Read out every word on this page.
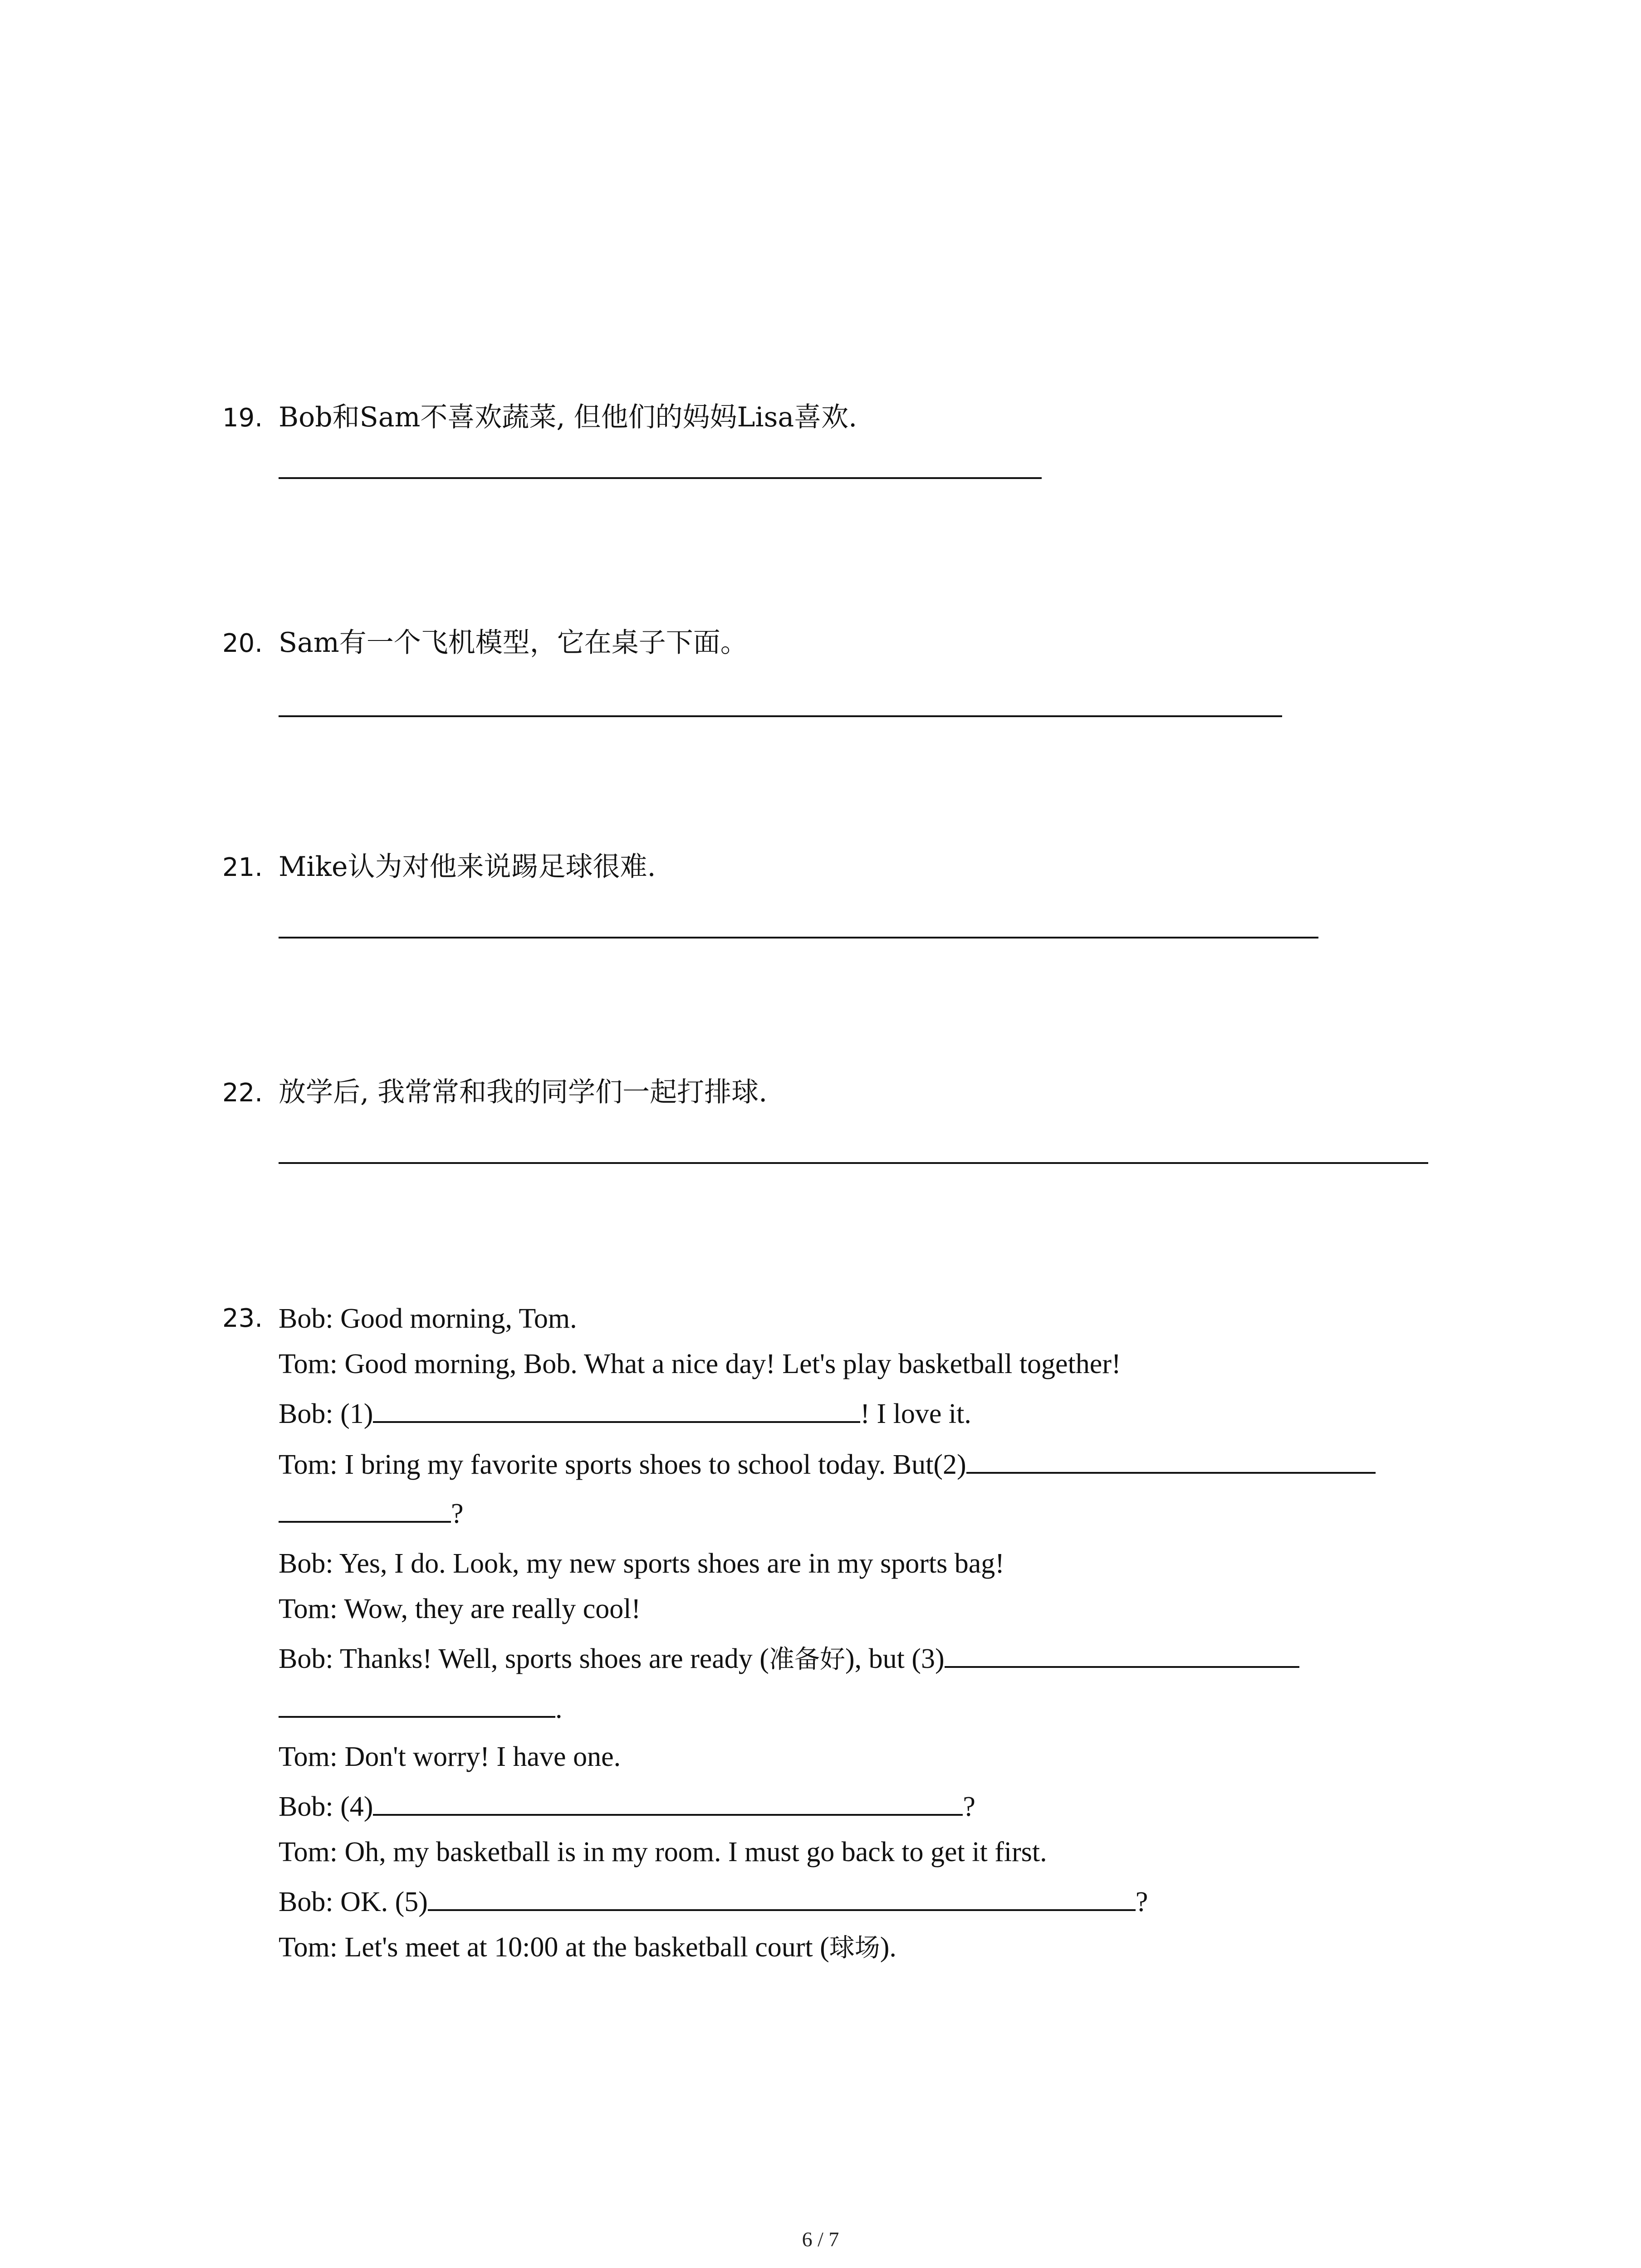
19. Bob和Sam不喜欢蔬菜, 但他们的妈妈Lisa喜欢.
20. Sam有一个飞机模型，它在桌子下面。
21. Mike认为对他来说踢足球很难.
22. 放学后, 我常常和我的同学们一起打排球.
23. Bob: Good morning, Tom.
Tom: Good morning, Bob. What a nice day! Let's play basketball together!
Bob: (1)	! I love it.
Tom: I bring my favorite sports shoes to school today. But(2)
?
Bob: Yes, I do. Look, my new sports shoes are in my sports bag!
Tom: Wow, they are really cool!
Bob: Thanks! Well, sports shoes are ready (准备好), but (3)
.
Tom: Don't worry! I have one.
Bob: (4)	?
Tom: Oh, my basketball is in my room. I must go back to get it first.
Bob: OK. (5)	?
Tom: Let's meet at 10:00 at the basketball court (球场).
6 / 7
